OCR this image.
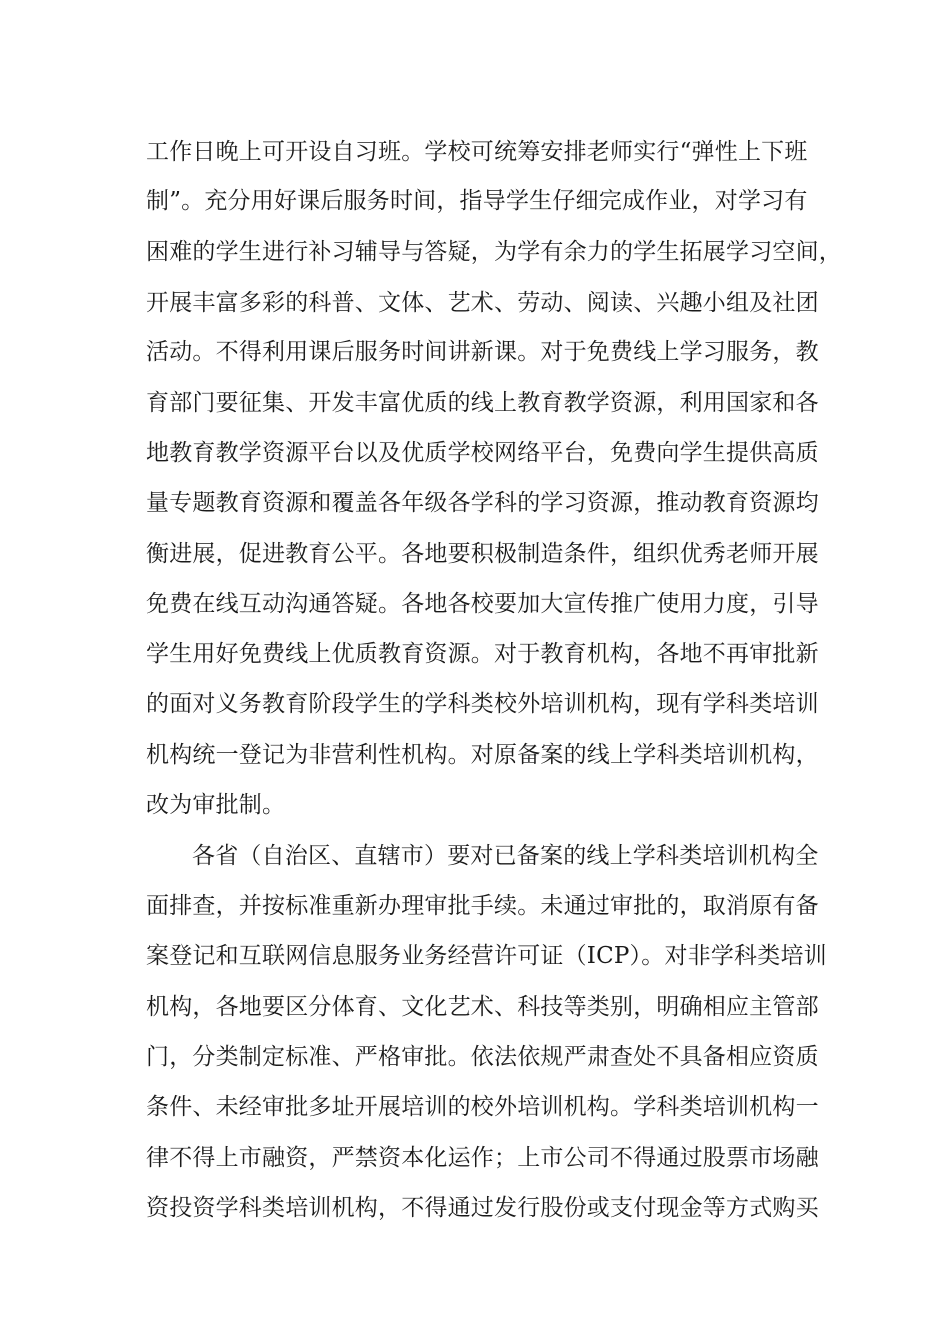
工作日晚上可开设自习班。学校可统筹安排老师实行“弹性上下班
制”。充分用好课后服务时间，指导学生仔细完成作业，对学习有
困难的学生进行补习辅导与答疑，为学有余力的学生拓展学习空间，
开展丰富多彩的科普、文体、艺术、劳动、阅读、兴趣小组及社团
活动。不得利用课后服务时间讲新课。对于免费线上学习服务，教
育部门要征集、开发丰富优质的线上教育教学资源，利用国家和各
地教育教学资源平台以及优质学校网络平台，免费向学生提供高质
量专题教育资源和覆盖各年级各学科的学习资源，推动教育资源均
衡进展，促进教育公平。各地要积极制造条件，组织优秀老师开展
免费在线互动沟通答疑。各地各校要加大宣传推广使用力度，引导
学生用好免费线上优质教育资源。对于教育机构，各地不再审批新
的面对义务教育阶段学生的学科类校外培训机构，现有学科类培训
机构统一登记为非营利性机构。对原备案的线上学科类培训机构，
改为审批制。
各省（自治区、直辖市）要对已备案的线上学科类培训机构全
面排查，并按标准重新办理审批手续。未通过审批的，取消原有备
案登记和互联网信息服务业务经营许可证（ICP）。对非学科类培训
机构，各地要区分体育、文化艺术、科技等类别，明确相应主管部
门，分类制定标准、严格审批。依法依规严肃查处不具备相应资质
条件、未经审批多址开展培训的校外培训机构。学科类培训机构一
律不得上市融资，严禁资本化运作；上市公司不得通过股票市场融
资投资学科类培训机构，不得通过发行股份或支付现金等方式购买
